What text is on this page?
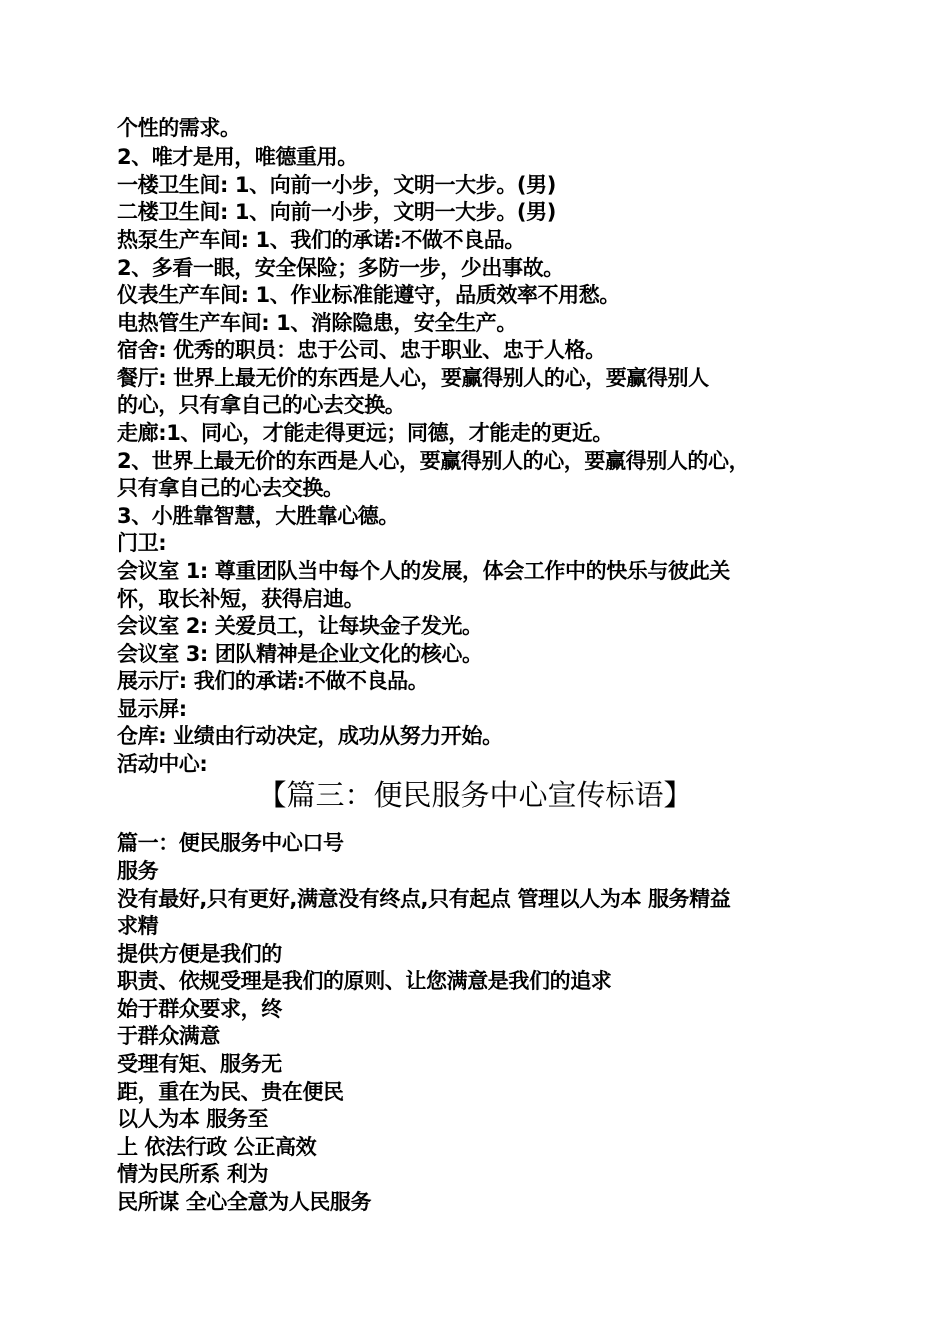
个性的需求。
2、唯才是用，唯德重用。
一楼卫生间: 1、向前一小步，文明一大步。(男)
二楼卫生间: 1、向前一小步，文明一大步。(男)
热泵生产车间: 1、我们的承诺:不做不良品。
2、多看一眼，安全保险；多防一步，少出事故。
仪表生产车间: 1、作业标准能遵守，品质效率不用愁。
电热管生产车间: 1、消除隐患，安全生产。
宿舍: 优秀的职员：忠于公司、忠于职业、忠于人格。
餐厅: 世界上最无价的东西是人心，要赢得别人的心，要赢得别人
的心，只有拿自己的心去交换。
走廊:1、同心，才能走得更远；同德，才能走的更近。
2、世界上最无价的东西是人心，要赢得别人的心，要赢得别人的心，
只有拿自己的心去交换。
3、小胜靠智慧，大胜靠心德。
门卫:
会议室 1: 尊重团队当中每个人的发展，体会工作中的快乐与彼此关
怀，取长补短，获得启迪。
会议室 2: 关爱员工，让每块金子发光。
会议室 3: 团队精神是企业文化的核心。
展示厅: 我们的承诺:不做不良品。
显示屏:
仓库: 业绩由行动决定，成功从努力开始。
活动中心:
【篇三：便民服务中心宣传标语】
篇一：便民服务中心口号
服务
没有最好,只有更好,满意没有终点,只有起点 管理以人为本 服务精益
求精
提供方便是我们的
职责、依规受理是我们的原则、让您满意是我们的追求
始于群众要求，终
于群众满意
受理有矩、服务无
距，重在为民、贵在便民
以人为本 服务至
上 依法行政 公正高效
情为民所系 利为
民所谋 全心全意为人民服务
